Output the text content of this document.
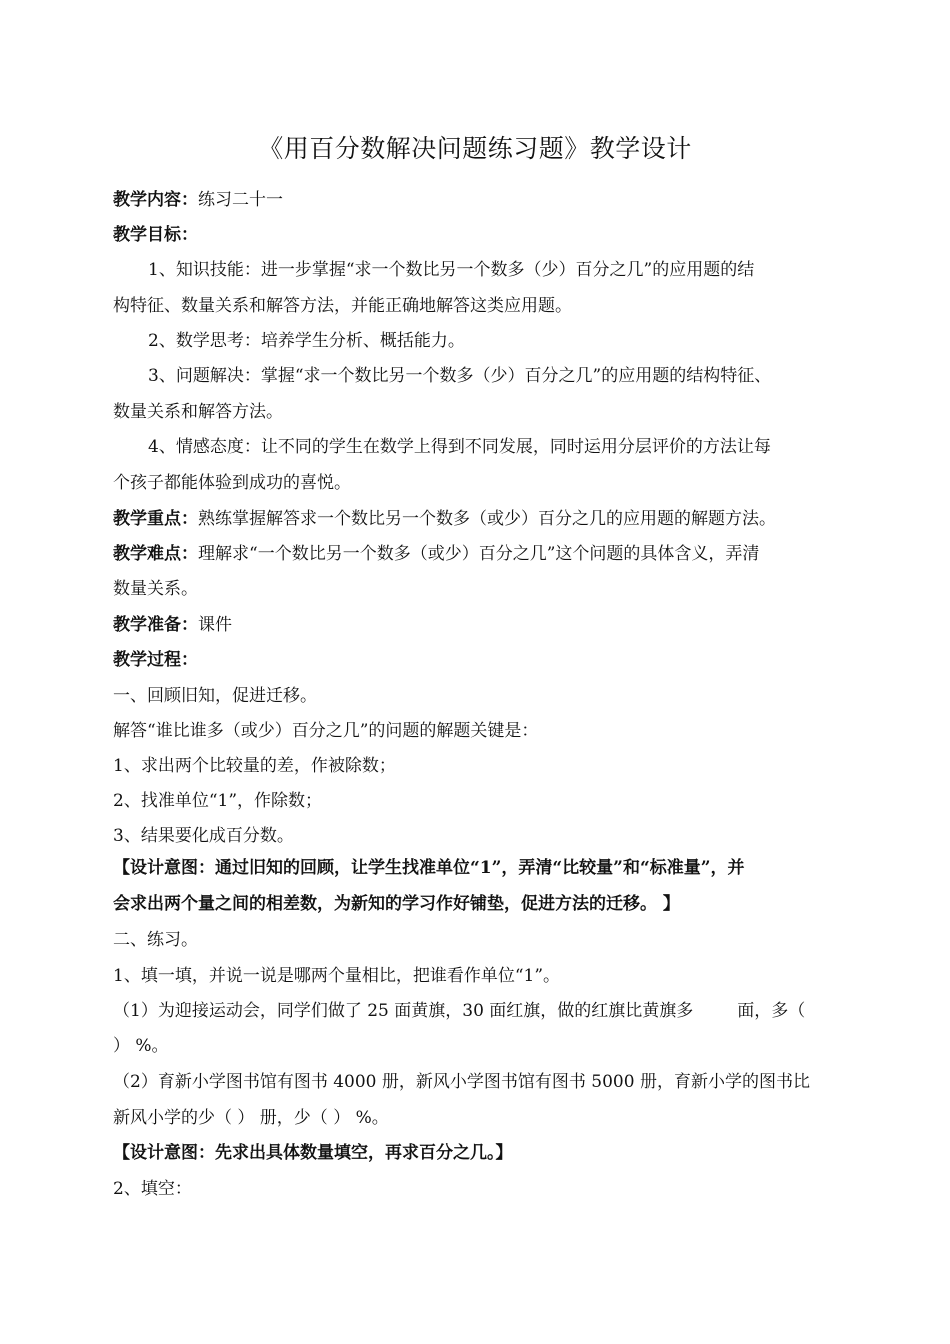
《用百分数解决问题练习题》教学设计
教学内容：练习二十一
教学目标：
1、知识技能：进一步掌握“求一个数比另一个数多（少）百分之几”的应用题的结
构特征、数量关系和解答方法，并能正确地解答这类应用题。
2、数学思考：培养学生分析、概括能力。
3、问题解决：掌握“求一个数比另一个数多（少）百分之几”的应用题的结构特征、
数量关系和解答方法。
4、情感态度：让不同的学生在数学上得到不同发展，同时运用分层评价的方法让每
个孩子都能体验到成功的喜悦。
教学重点：熟练掌握解答求一个数比另一个数多（或少）百分之几的应用题的解题方法。
教学难点：理解求“一个数比另一个数多（或少）百分之几”这个问题的具体含义，弄清
数量关系。
教学准备：课件
教学过程：
一、回顾旧知，促进迁移。
解答“谁比谁多（或少）百分之几”的问题的解题关键是：
1、求出两个比较量的差，作被除数；
2、找准单位“1”，作除数；
3、结果要化成百分数。
【设计意图：通过旧知的回顾，让学生找准单位“1”，弄清“比较量”和“标准量”，并
会求出两个量之间的相差数，为新知的学习作好铺垫，促进方法的迁移。 】
二、练习。
1、填一填，并说一说是哪两个量相比，把谁看作单位“1”。
（1）为迎接运动会，同学们做了 25 面黄旗，30 面红旗，做的红旗比黄旗多	面，多（
） %。
（2）育新小学图书馆有图书 4000 册，新风小学图书馆有图书 5000 册，育新小学的图书比
新风小学的少（ ） 册，少（ ） %。
【设计意图：先求出具体数量填空，再求百分之几。】
2、填空：
